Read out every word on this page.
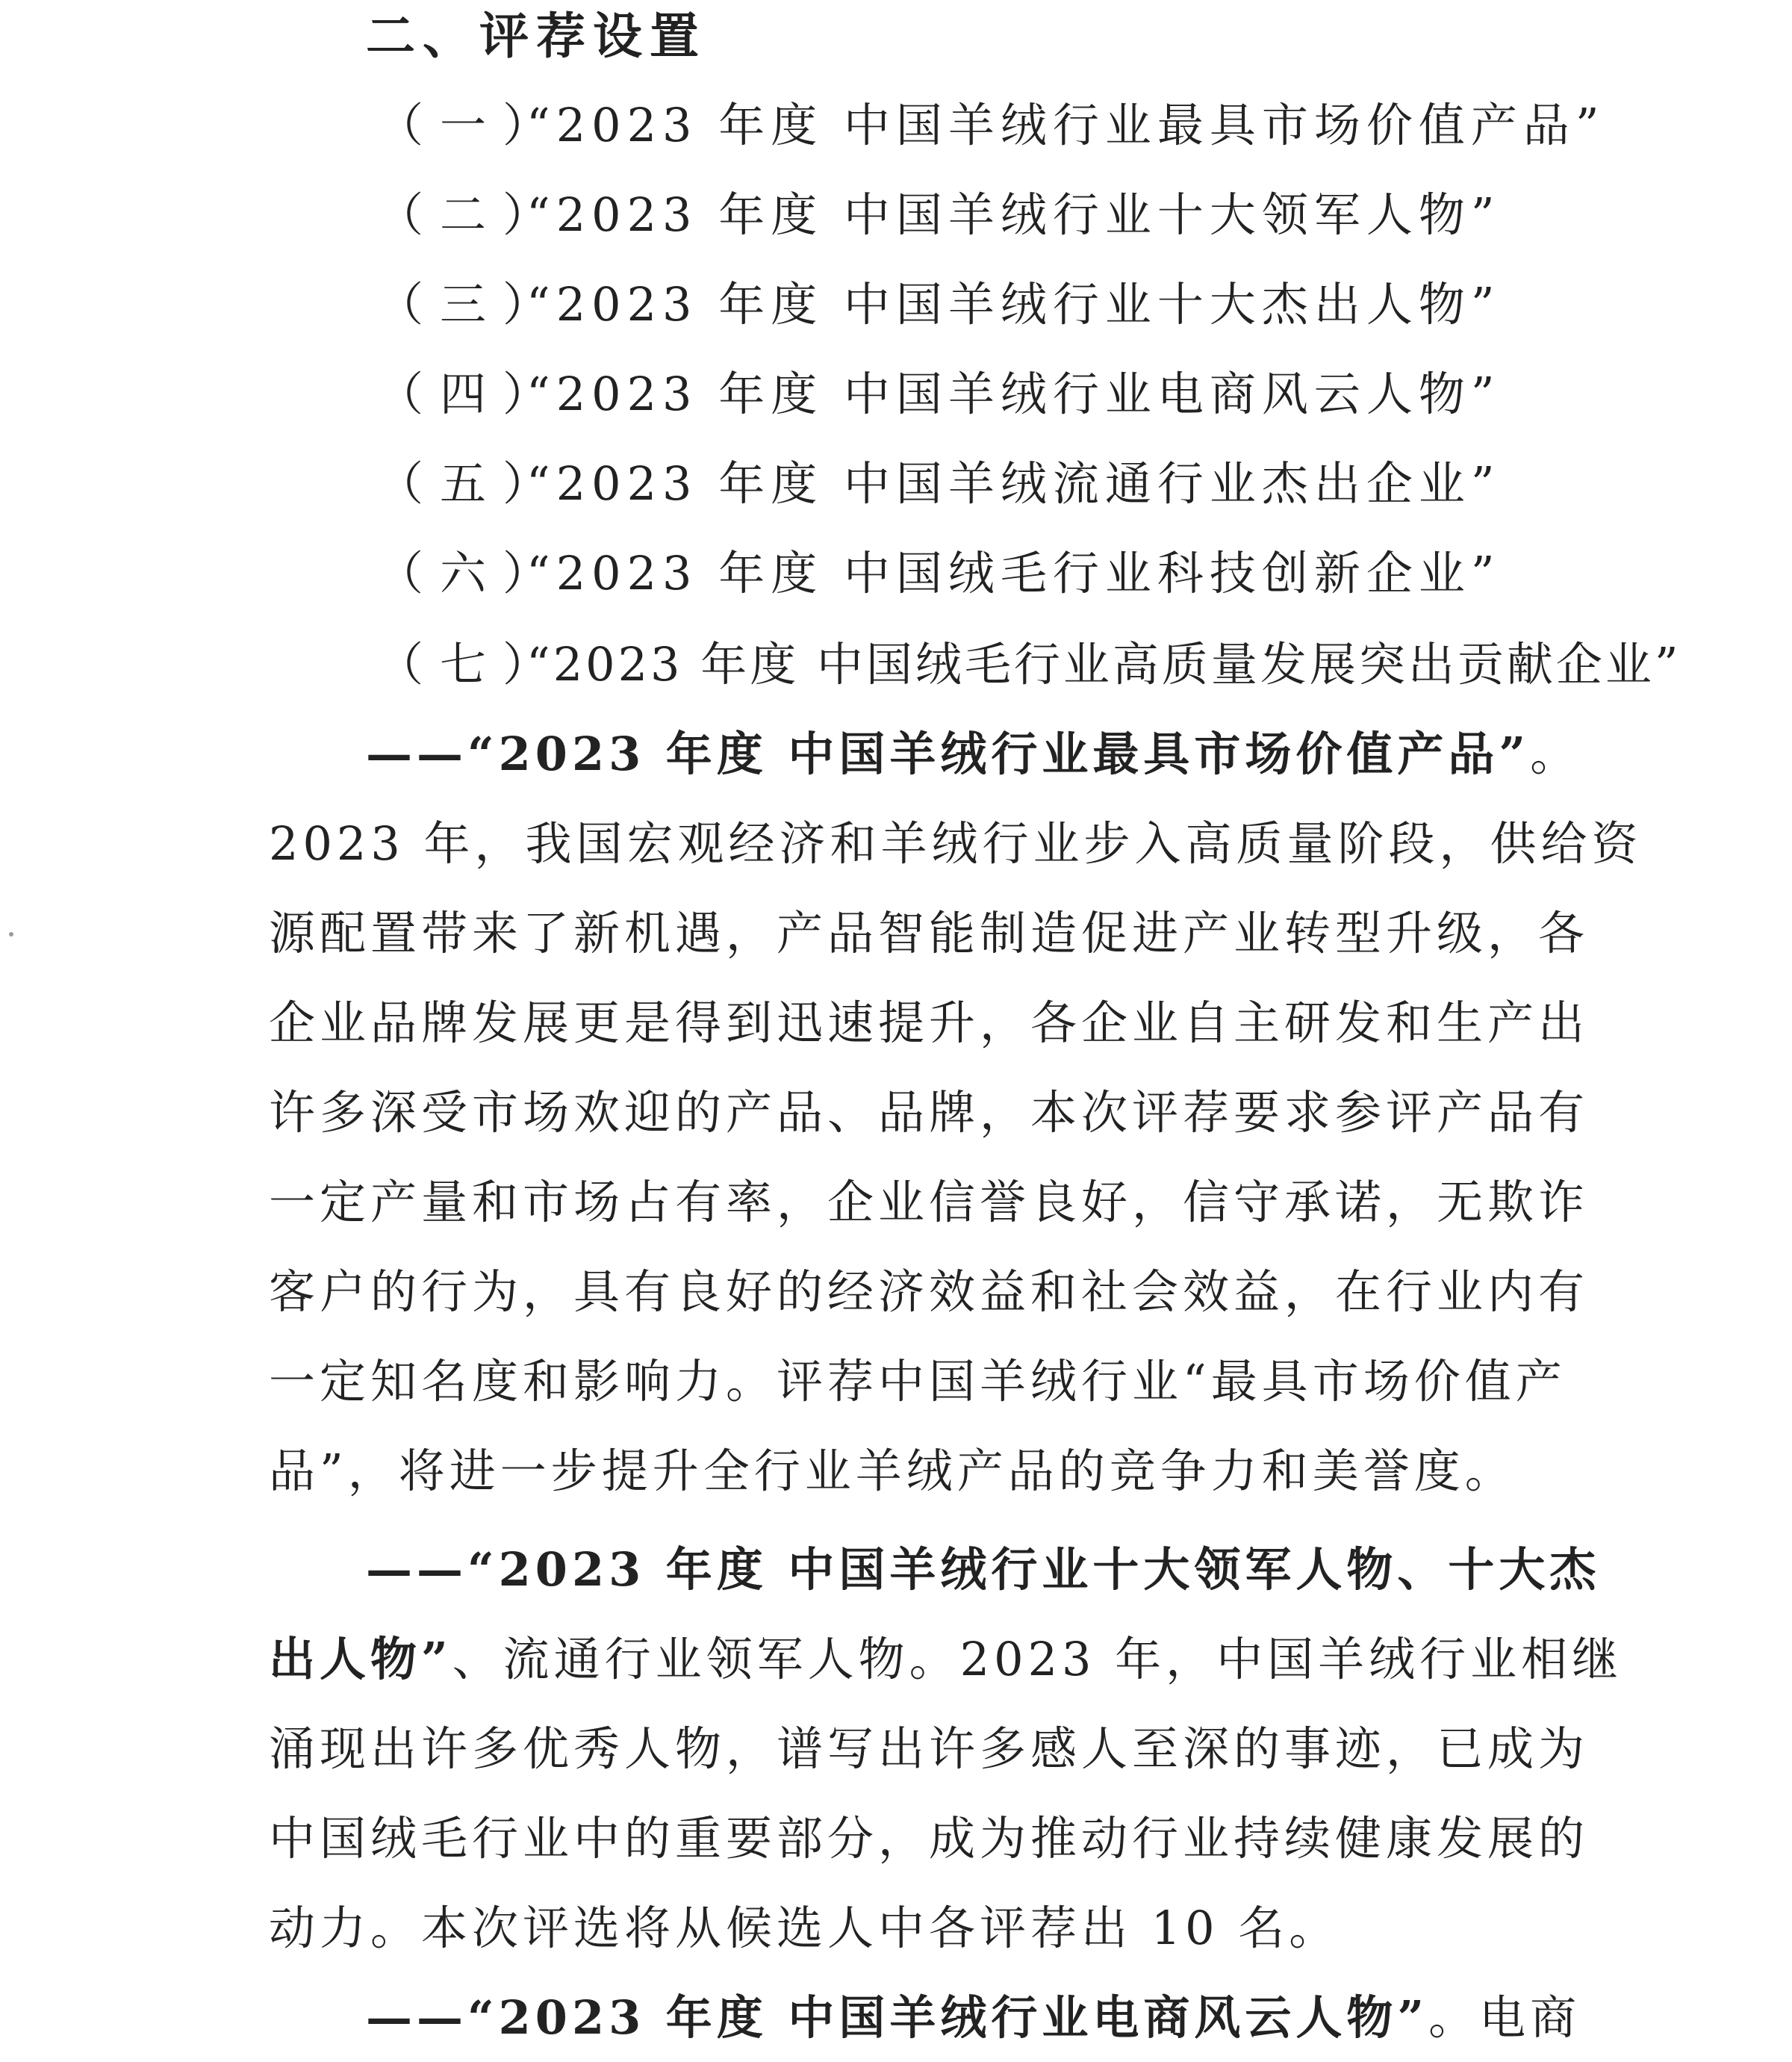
二、评荐设置
（一）“2023 年度 中国羊绒行业最具市场价值产品”
（二）“2023 年度 中国羊绒行业十大领军人物”
（三）“2023 年度 中国羊绒行业十大杰出人物”
（四）“2023 年度 中国羊绒行业电商风云人物”
（五）“2023 年度 中国羊绒流通行业杰出企业”
（六）“2023 年度 中国绒毛行业科技创新企业”
（七）“2023 年度 中国绒毛行业高质量发展突出贡献企业”
——“2023 年度 中国羊绒行业最具市场价值产品”。
2023 年，我国宏观经济和羊绒行业步入高质量阶段，供给资
源配置带来了新机遇，产品智能制造促进产业转型升级，各
企业品牌发展更是得到迅速提升，各企业自主研发和生产出
许多深受市场欢迎的产品、品牌，本次评荐要求参评产品有
一定产量和市场占有率，企业信誉良好，信守承诺，无欺诈
客户的行为，具有良好的经济效益和社会效益，在行业内有
一定知名度和影响力。评荐中国羊绒行业“最具市场价值产
品”，将进一步提升全行业羊绒产品的竞争力和美誉度。
——“2023 年度 中国羊绒行业十大领军人物、十大杰
出人物”、流通行业领军人物。2023 年，中国羊绒行业相继
涌现出许多优秀人物，谱写出许多感人至深的事迹，已成为
中国绒毛行业中的重要部分，成为推动行业持续健康发展的
动力。本次评选将从候选人中各评荐出 10 名。
——“2023 年度 中国羊绒行业电商风云人物”。电商
